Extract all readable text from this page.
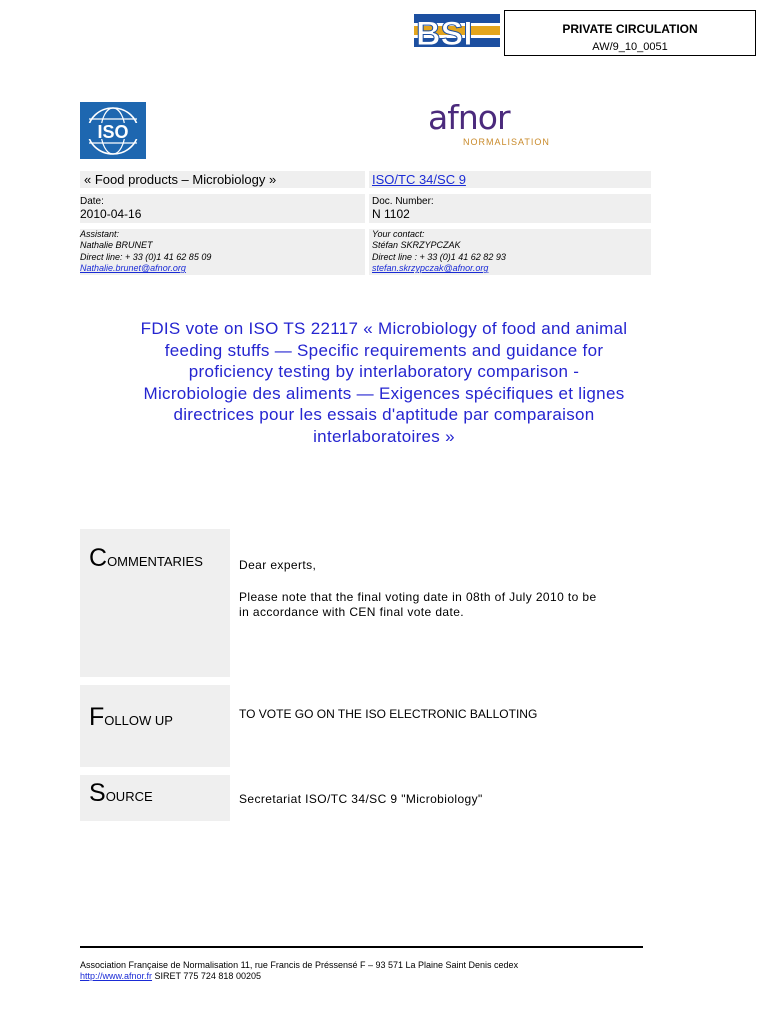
BSI	PRIVATE CIRCULATION
AW/9_10_0051
ISO	afnor
NORMALISATION
« Food products – Microbiology »	ISO/TC 34/SC 9
Date:
2010-04-16
Doc. Number:
N 1102
Assistant:
Nathalie BRUNET
Direct line: + 33 (0)1 41 62 85 09
Nathalie.brunet@afnor.org
Your contact:
Stéfan SKRZYPCZAK
Direct line : + 33 (0)1 41 62 82 93
stefan.skrzypczak@afnor.org
FDIS vote on ISO TS 22117 « Microbiology of food and animal
feeding stuffs — Specific requirements and guidance for
proficiency testing by interlaboratory comparison -
Microbiologie des aliments — Exigences spécifiques et lignes
directrices pour les essais d'aptitude par comparaison
interlaboratoires »
COMMENTARIES	Dear experts,
Please note that the final voting date in 08th of July 2010 to be
in accordance with CEN final vote date.
FOLLOW UP	TO VOTE GO ON THE ISO ELECTRONIC BALLOTING
SOURCE	Secretariat ISO/TC 34/SC 9 "Microbiology"
Association Française de Normalisation 11, rue Francis de Préssensé F – 93 571 La Plaine Saint Denis cedex
http://www.afnor.fr SIRET 775 724 818 00205
